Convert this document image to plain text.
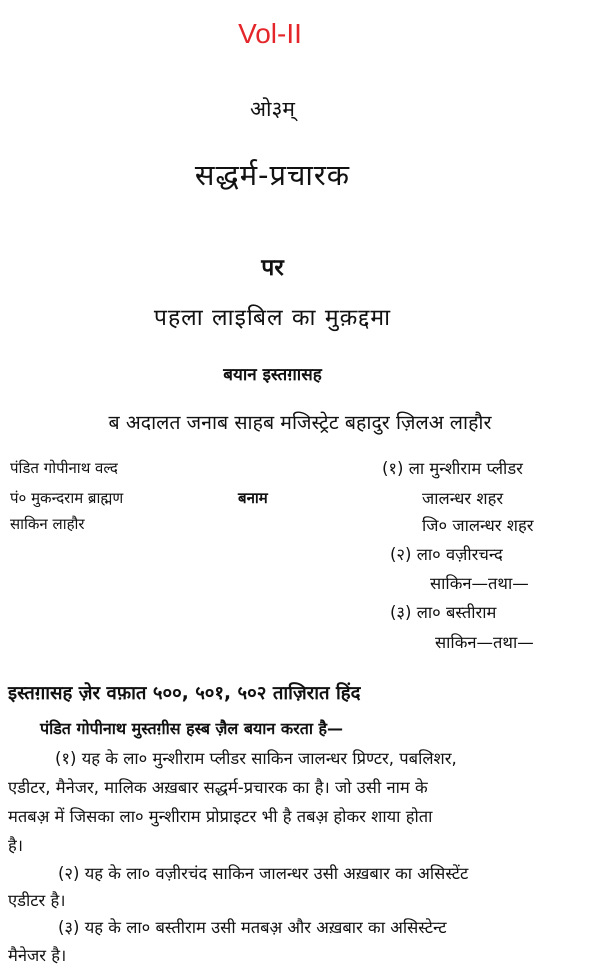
Vol-II
ओ३म्
सद्धर्म-प्रचारक
पर
पहला लाइबिल का मुक़द्दमा
बयान इस्तग़ासह
ब अदालत जनाब साहब मजिस्ट्रेट बहादुर ज़िलअ लाहौर
पंडित गोपीनाथ वल्द
पं० मुकन्दराम ब्राह्मण
साकिन लाहौर
बनाम
(१) ला मुन्शीराम प्लीडर
जालन्धर शहर
जि० जालन्धर शहर
(२) ला० वज़ीरचन्द
साकिन—तथा—
(३) ला० बस्तीराम
साकिन—तथा—
इस्तग़ासह ज़ेर वफ़ात ५००, ५०१, ५०२ ताज़िरात हिंद
पंडित गोपीनाथ मुस्तग़ीस हस्ब ज़ैल बयान करता है—
(१) यह के ला० मुन्शीराम प्लीडर साकिन जालन्धर प्रिण्टर, पबलिशर,
एडीटर, मैनेजर, मालिक अख़बार सद्धर्म-प्रचारक का है। जो उसी नाम के
मतबअ़ में जिसका ला० मुन्शीराम प्रोप्राइटर भी है तबअ़ होकर शाया होता
है।
(२) यह के ला० वज़ीरचंद साकिन जालन्धर उसी अख़बार का असिस्टेंट
एडीटर है।
(३) यह के ला० बस्तीराम उसी मतबअ़ और अख़बार का असिस्टेन्ट
मैनेजर है।
